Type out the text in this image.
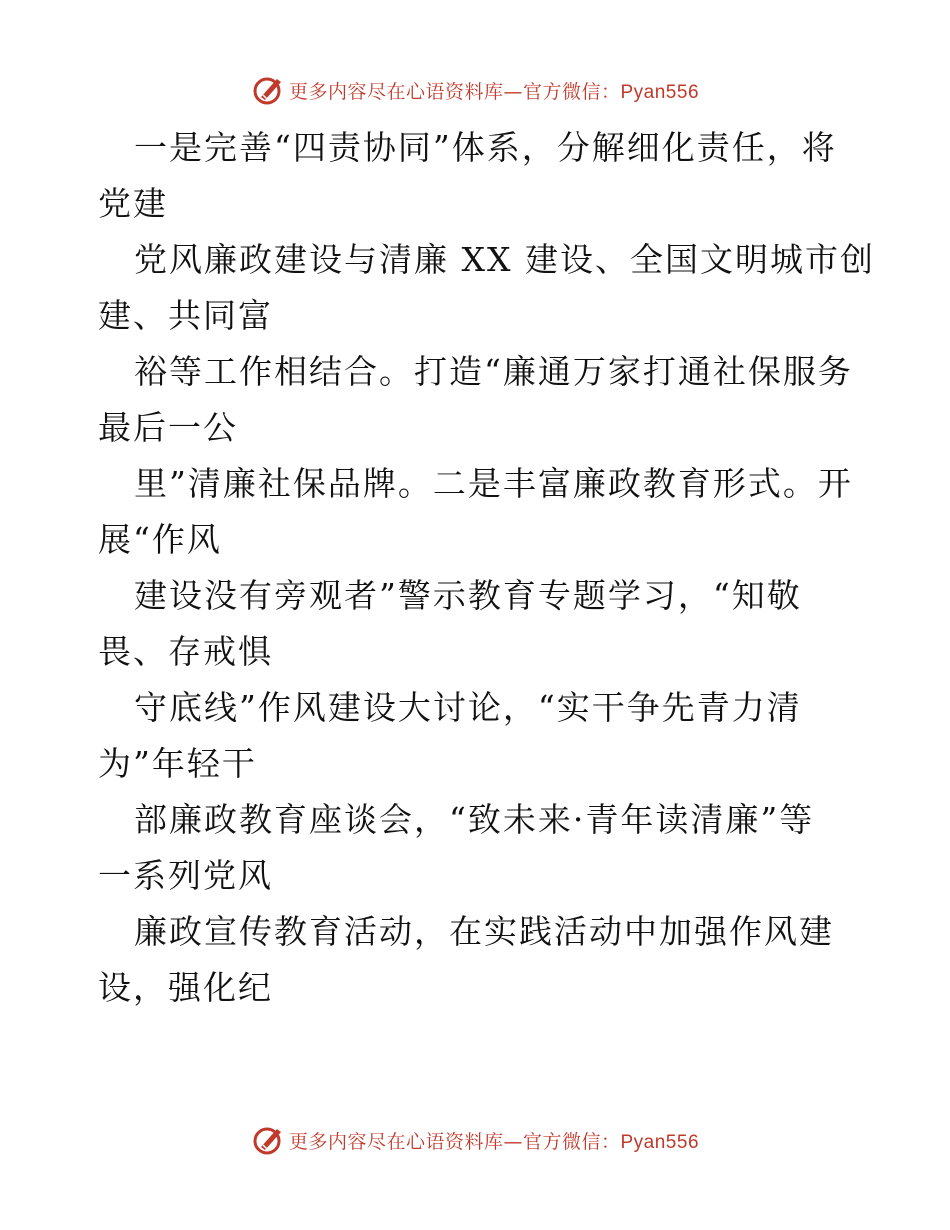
更多内容尽在心语资料库—官方微信：Pyan556
一是完善“四责协同”体系，分解细化责任，将
党建
党风廉政建设与清廉 XX 建设、全国文明城市创
建、共同富
裕等工作相结合。打造“廉通万家打通社保服务
最后一公
里”清廉社保品牌。二是丰富廉政教育形式。开
展“作风
建设没有旁观者”警示教育专题学习，“知敬
畏、存戒惧
守底线”作风建设大讨论，“实干争先青力清
为”年轻干
部廉政教育座谈会，“致未来·青年读清廉”等
一系列党风
廉政宣传教育活动，在实践活动中加强作风建
设，强化纪
更多内容尽在心语资料库—官方微信：Pyan556
